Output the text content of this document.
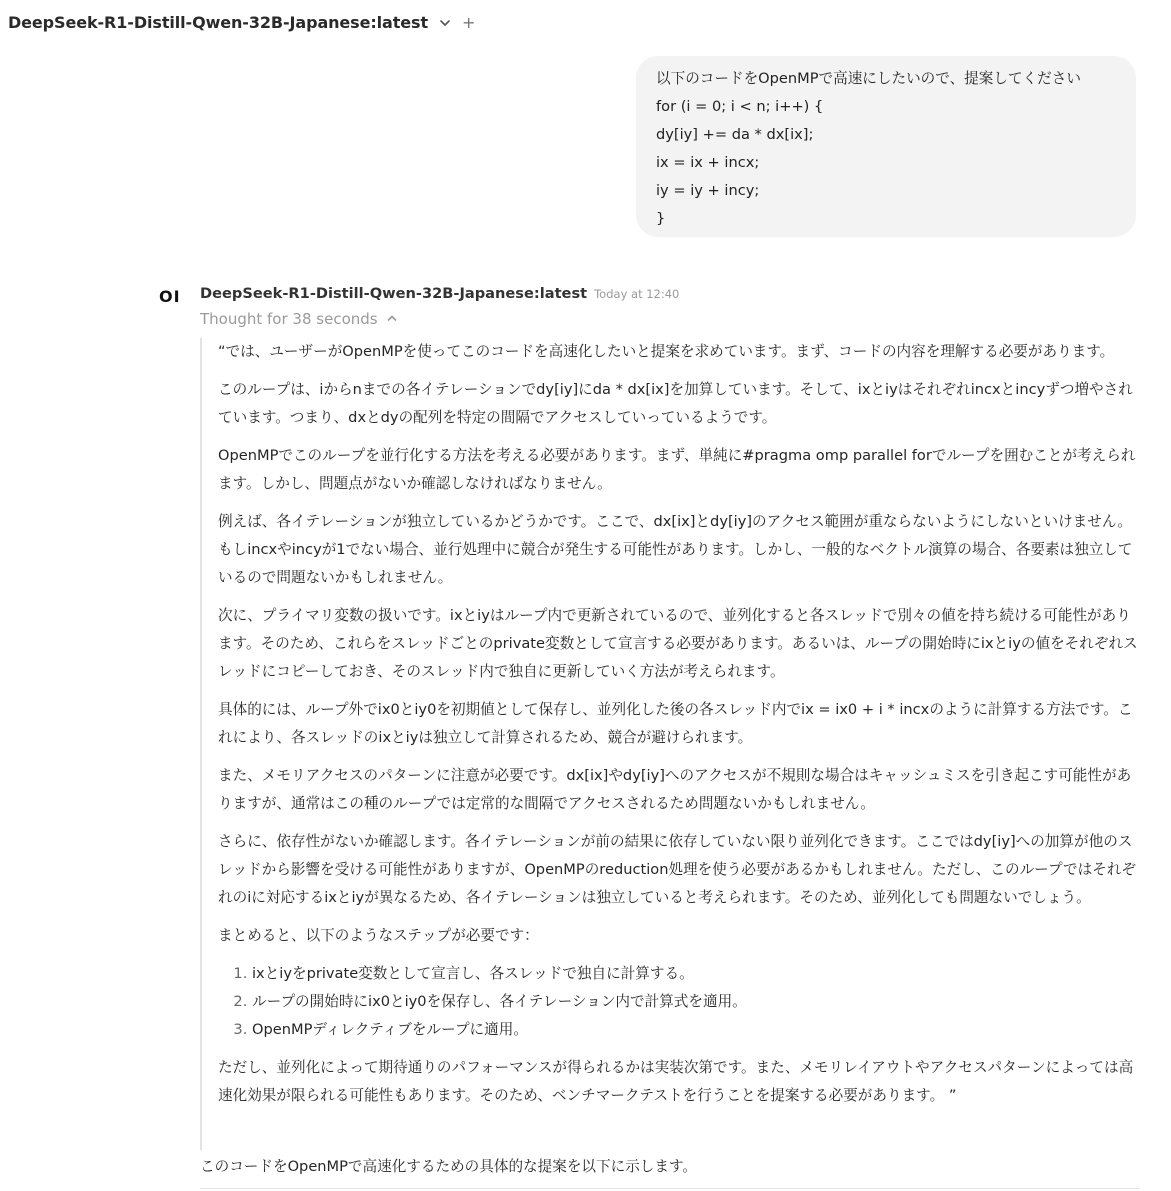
DeepSeek-R1-Distill-Qwen-32B-Japanese:latest +
以下のコードをOpenMPで高速にしたいので、提案してください
for (i = 0; i < n; i++) {
dy[iy] += da * dx[ix];
ix = ix + incx;
iy = iy + incy;
}
OI DeepSeek-R1-Distill-Qwen-32B-Japanese:latest Today at 12:40
Thought for 38 seconds

“では、ユーザーがOpenMPを使ってこのコードを高速化したいと提案を求めています。まず、コードの内容を理解する必要があります。

このループは、iからnまでの各イテレーションでdy[iy]にda * dx[ix]を加算しています。そして、ixとiyはそれぞれincxとincyずつ増やされています。つまり、dxとdyの配列を特定の間隔でアクセスしていっているようです。

OpenMPでこのループを並行化する方法を考える必要があります。まず、単純に#pragma omp parallel forでループを囲むことが考えられます。しかし、問題点がないか確認しなければなりません。

例えば、各イテレーションが独立しているかどうかです。ここで、dx[ix]とdy[iy]のアクセス範囲が重ならないようにしないといけません。もしincxやincyが1でない場合、並行処理中に競合が発生する可能性があります。しかし、一般的なベクトル演算の場合、各要素は独立しているので問題ないかもしれません。

次に、プライマリ変数の扱いです。ixとiyはループ内で更新されているので、並列化すると各スレッドで別々の値を持ち続ける可能性があります。そのため、これらをスレッドごとのprivate変数として宣言する必要があります。あるいは、ループの開始時にixとiyの値をそれぞれスレッドにコピーしておき、そのスレッド内で独自に更新していく方法が考えられます。

具体的には、ループ外でix0とiy0を初期値として保存し、並列化した後の各スレッド内でix = ix0 + i * incxのように計算する方法です。これにより、各スレッドのixとiyは独立して計算されるため、競合が避けられます。

また、メモリアクセスのパターンに注意が必要です。dx[ix]やdy[iy]へのアクセスが不規則な場合はキャッシュミスを引き起こす可能性がありますが、通常はこの種のループでは定常的な間隔でアクセスされるため問題ないかもしれません。

さらに、依存性がないか確認します。各イテレーションが前の結果に依存していない限り並列化できます。ここではdy[iy]への加算が他のスレッドから影響を受ける可能性がありますが、OpenMPのreduction処理を使う必要があるかもしれません。ただし、このループではそれぞれのiに対応するixとiyが異なるため、各イテレーションは独立していると考えられます。そのため、並列化しても問題ないでしょう。

まとめると、以下のようなステップが必要です：

1. ixとiyをprivate変数として宣言し、各スレッドで独自に計算する。
2. ループの開始時にix0とiy0を保存し、各イテレーション内で計算式を適用。
3. OpenMPディレクティブをループに適用。

ただし、並列化によって期待通りのパフォーマンスが得られるかは実装次第です。また、メモリレイアウトやアクセスパターンによっては高速化効果が限られる可能性もあります。そのため、ベンチマークテストを行うことを提案する必要があります。 ”

このコードをOpenMPで高速化するための具体的な提案を以下に示します。
